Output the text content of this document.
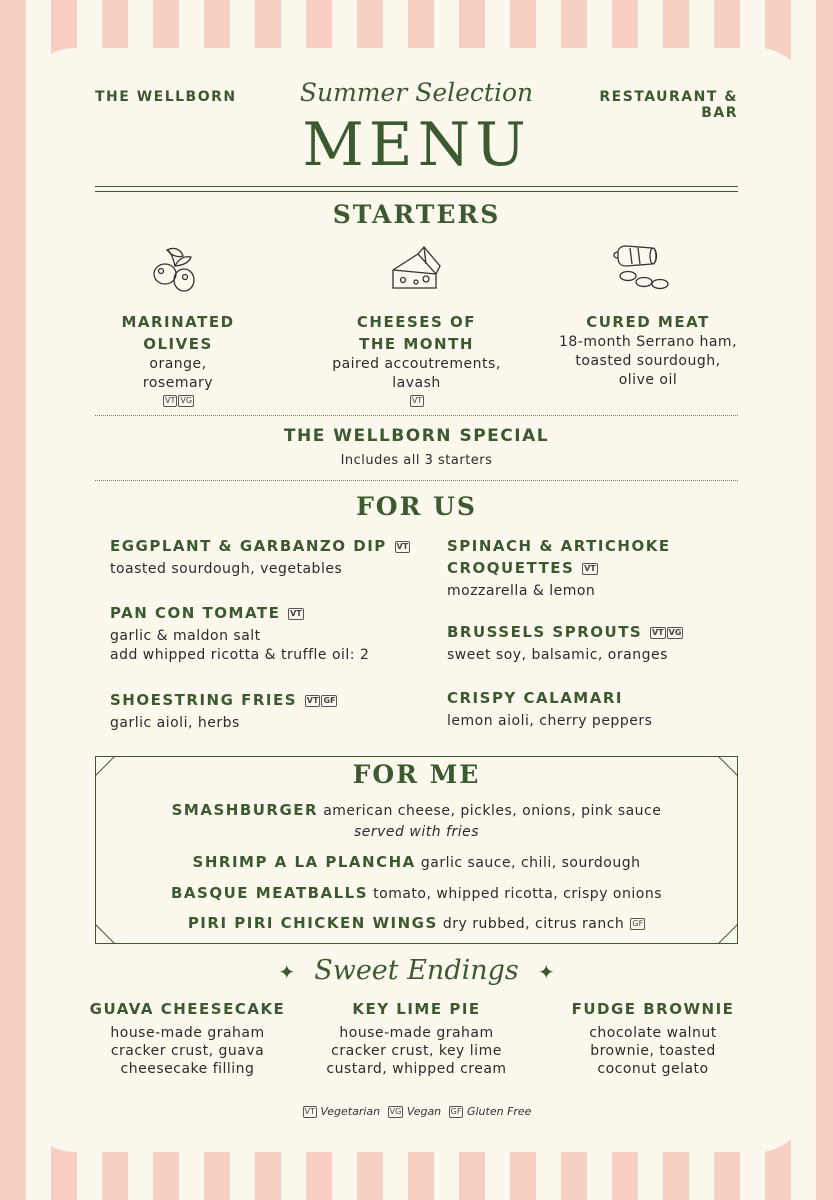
THE WELLBORN	RESTAURANT & BAR
Summer Selection
MENU
STARTERS
MARINATED
OLIVES
orange,
rosemary
VT VG
CHEESES OF
THE MONTH
paired accoutrements,
lavash
VT
CURED MEAT
18-month Serrano ham,
toasted sourdough,
olive oil
THE WELLBORN SPECIAL
Includes all 3 starters
FOR US
EGGPLANT & GARBANZO DIP VT
toasted sourdough, vegetables
PAN CON TOMATE VT
garlic & maldon salt
add whipped ricotta & truffle oil: 2
SHOESTRING FRIES VT GF
garlic aioli, herbs
SPINACH & ARTICHOKE
CROQUETTES VT
mozzarella & lemon
BRUSSELS SPROUTS VT VG
sweet soy, balsamic, oranges
CRISPY CALAMARI
lemon aioli, cherry peppers
FOR ME
SMASHBURGER american cheese, pickles, onions, pink sauce
served with fries
SHRIMP A LA PLANCHA garlic sauce, chili, sourdough
BASQUE MEATBALLS tomato, whipped ricotta, crispy onions
PIRI PIRI CHICKEN WINGS dry rubbed, citrus ranch GF
✦ Sweet Endings ✦
GUAVA CHEESECAKE
house-made graham
cracker crust, guava
cheesecake filling
KEY LIME PIE
house-made graham
cracker crust, key lime
custard, whipped cream
FUDGE BROWNIE
chocolate walnut
brownie, toasted
coconut gelato
VT Vegetarian VG Vegan GF Gluten Free
